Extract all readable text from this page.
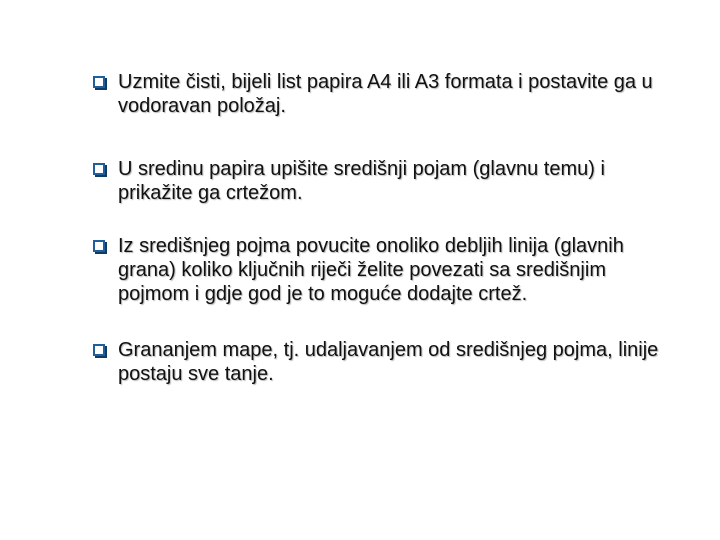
Uzmite čisti, bijeli list papira A4 ili A3 formata i postavite ga u vodoravan položaj.
U sredinu papira upišite središnji pojam (glavnu temu) i prikažite ga crtežom.
Iz središnjeg pojma povucite onoliko debljih linija (glavnih grana) koliko ključnih riječi želite povezati sa središnjim pojmom i gdje god je to moguće dodajte crtež.
Grananjem mape, tj. udaljavanjem od središnjeg pojma, linije postaju sve tanje.
